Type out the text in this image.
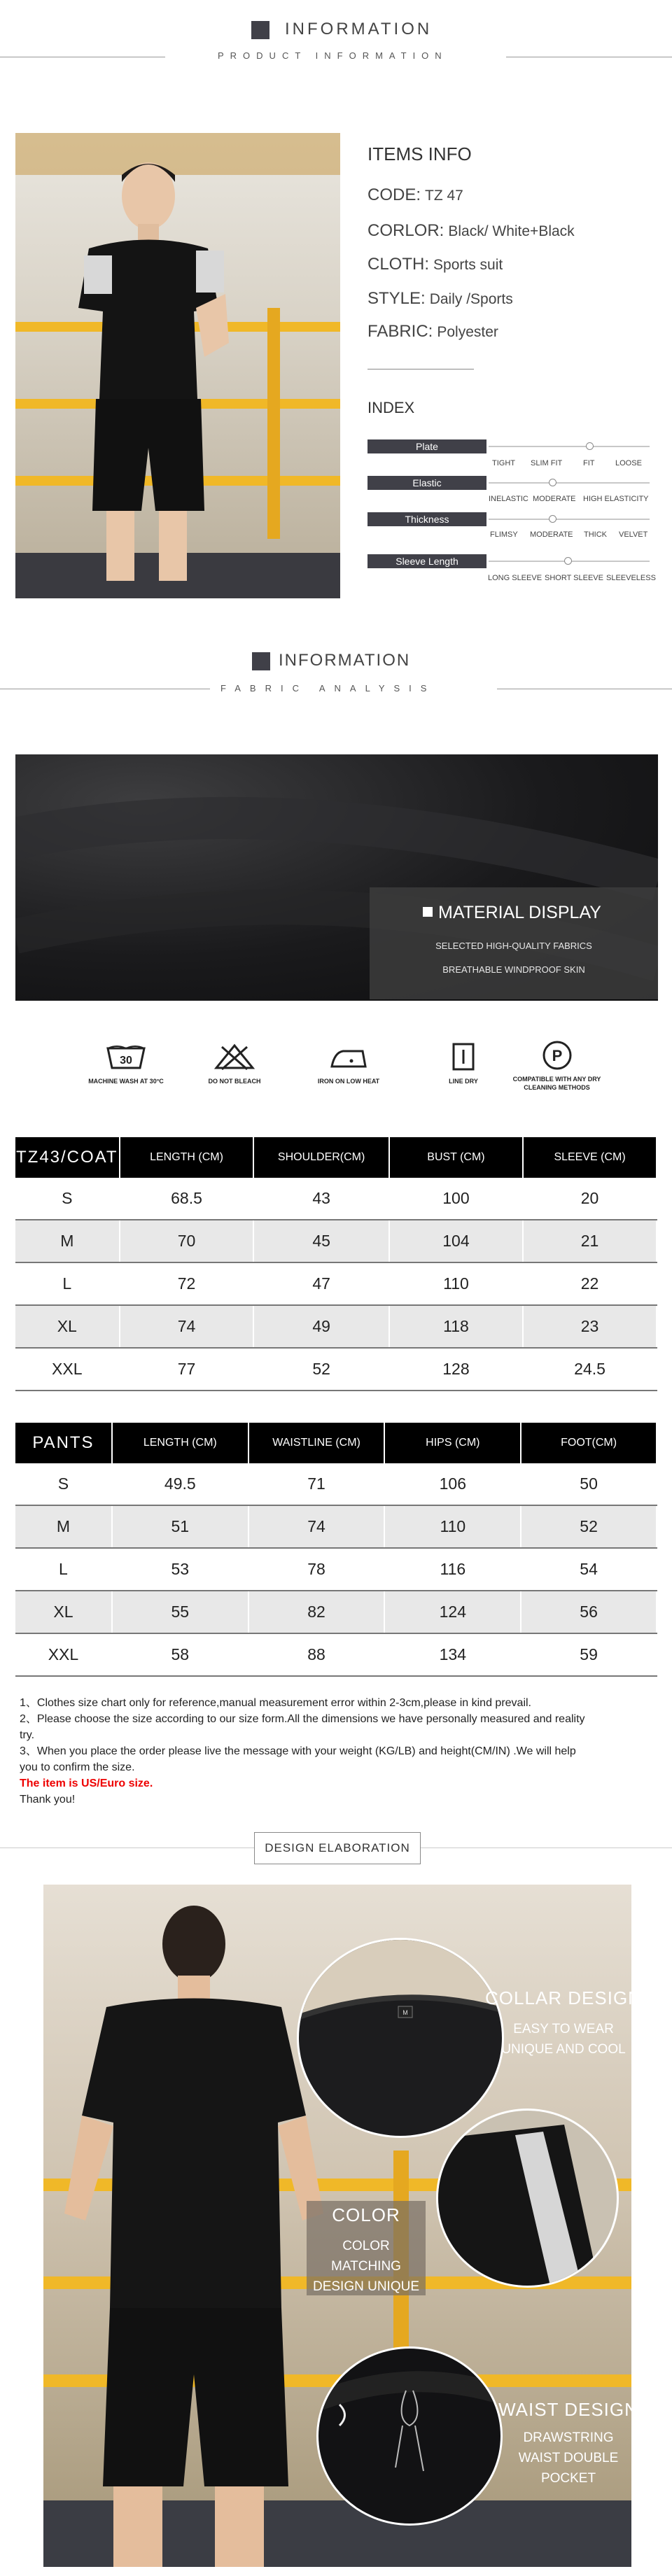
INFORMATION
PRODUCT INFORMATION
ITEMS INFO
CODE: TZ 47
CORLOR: Black/ White+Black
CLOTH: Sports suit
STYLE: Daily /Sports
FABRIC: Polyester
INDEX
Plate
TIGHT SLIM FIT	FIT	LOOSE
Elastic
INELASTIC MODERATE HIGH ELASTICITY
Thickness
FLIMSY MODERATE THICK VELVET
Sleeve Length
LONG SLEEVE SHORT SLEEVE SLEEVELESS
INFORMATION
FABRIC ANALYSIS
MATERIAL DISPLAY
SELECTED HIGH-QUALITY FABRICS
BREATHABLE WINDPROOF SKIN
30
MACHINE WASH AT 30°C	DO NOT BLEACH	IRON ON LOW HEAT	LINE DRY
P
COMPATIBLE WITH ANY DRY CLEANING METHODS
TZ43/COAT	LENGTH (CM)	SHOULDER(CM)	BUST (CM)	SLEEVE (CM)
S	68.5	43	100	20
M	70	45	104	21
L	72	47	110	22
XL	74	49	118	23
XXL	77	52	128	24.5
PANTS	LENGTH (CM)	WAISTLINE (CM)	HIPS (CM)	FOOT(CM)
S	49.5	71	106	50
M	51	74	110	52
L	53	78	116	54
XL	55	82	124	56
XXL	58	88	134	59
1、Clothes size chart only for reference,manual measurement error within 2-3cm,please in kind prevail.
2、Please choose the size according to our size form.All the dimensions we have personally measured and reality try.
3、When you place the order please live the message with your weight (KG/LB) and height(CM/IN) .We will help you to confirm the size.
The item is US/Euro size.
Thank you!
DESIGN ELABORATION
M
COLLAR DESIGN
EASY TO WEAR
UNIQUE AND COOL
COLOR
COLOR MATCHING
DESIGN UNIQUE
WAIST DESIGN
DRAWSTRING
WAIST DOUBLE
POCKET
